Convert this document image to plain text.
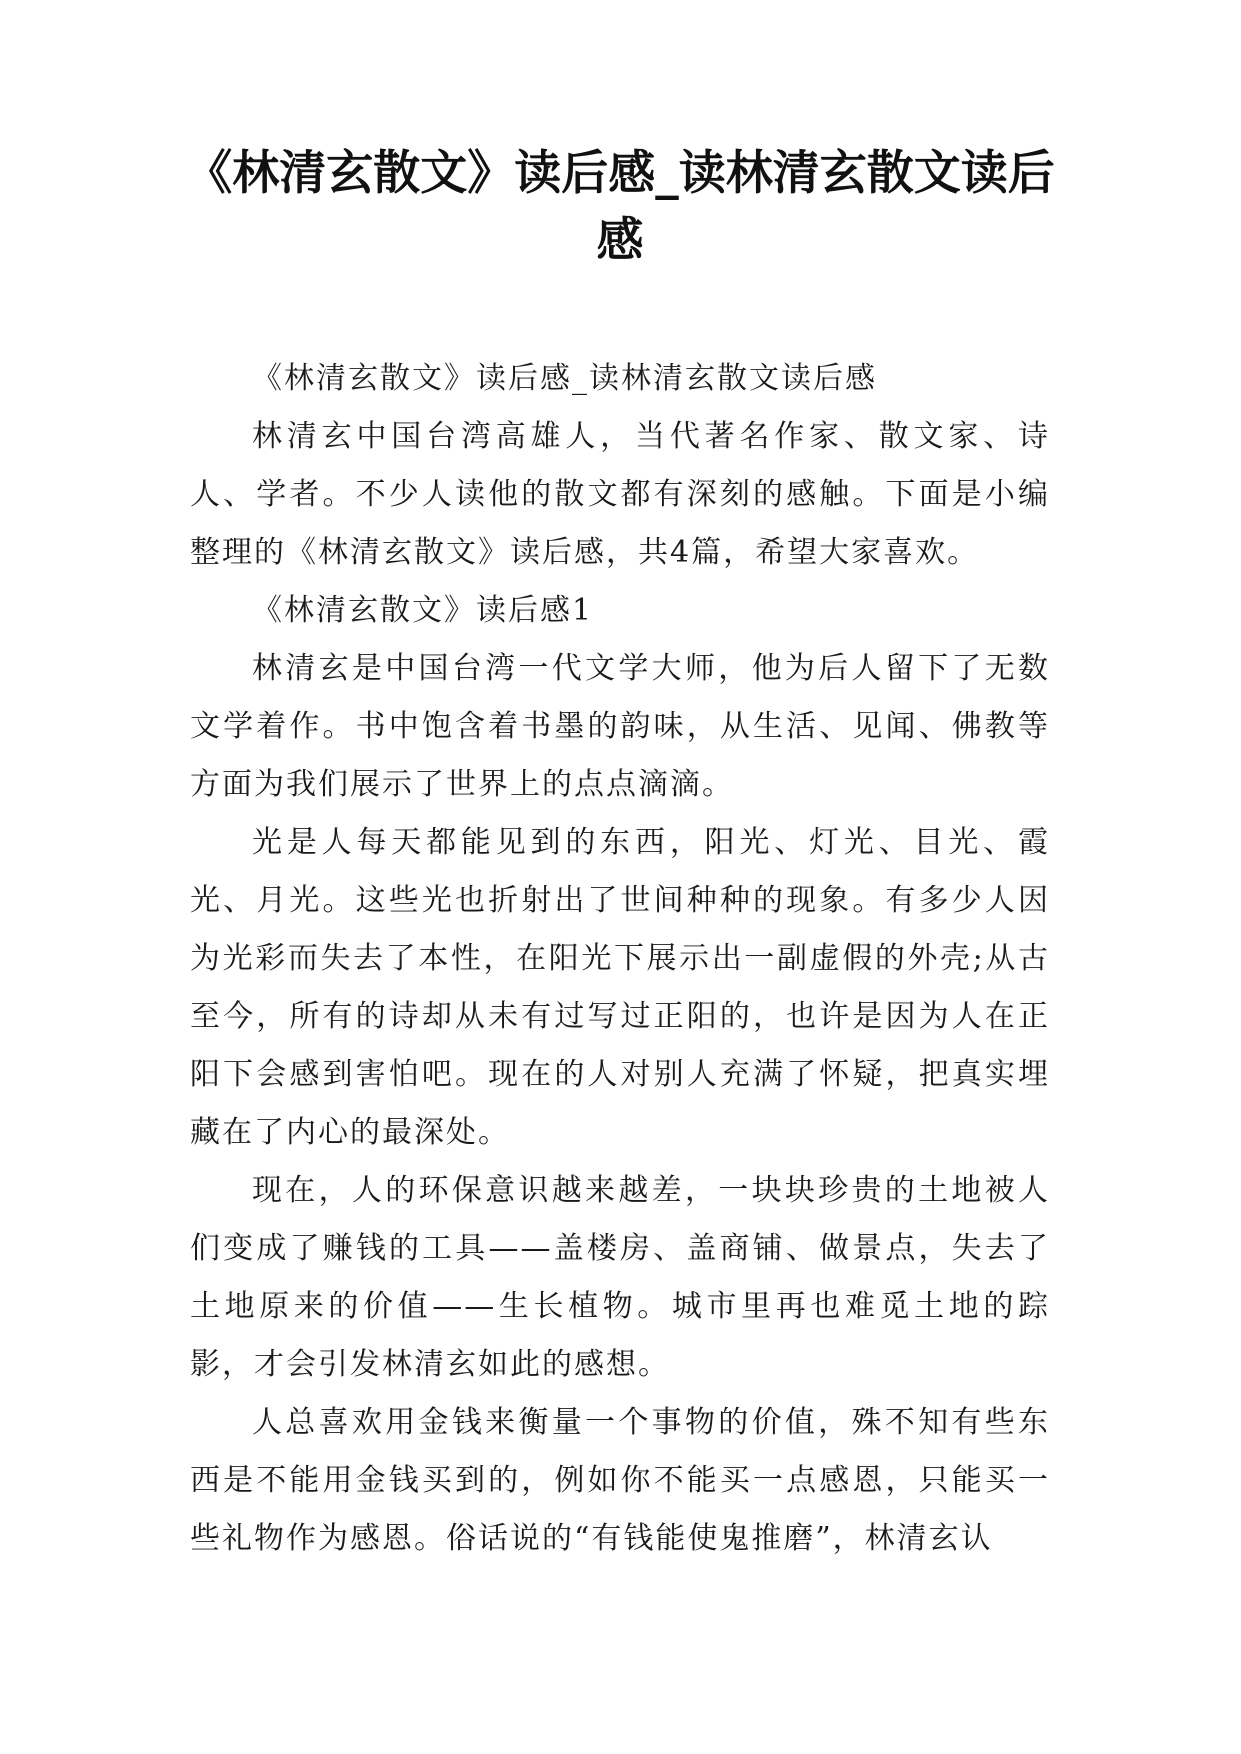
《林清玄散文》读后感_读林清玄散文读后感

《林清玄散文》读后感_读林清玄散文读后感

林清玄中国台湾高雄人，当代著名作家、散文家、诗人、学者。不少人读他的散文都有深刻的感触。下面是小编整理的《林清玄散文》读后感，共4篇，希望大家喜欢。

《林清玄散文》读后感1

林清玄是中国台湾一代文学大师，他为后人留下了无数文学着作。书中饱含着书墨的韵味，从生活、见闻、佛教等方面为我们展示了世界上的点点滴滴。

光是人每天都能见到的东西，阳光、灯光、目光、霞光、月光。这些光也折射出了世间种种的现象。有多少人因为光彩而失去了本性，在阳光下展示出一副虚假的外壳;从古至今，所有的诗却从未有过写过正阳的，也许是因为人在正阳下会感到害怕吧。现在的人对别人充满了怀疑，把真实埋藏在了内心的最深处。

现在，人的环保意识越来越差，一块块珍贵的土地被人们变成了赚钱的工具——盖楼房、盖商铺、做景点，失去了土地原来的价值——生长植物。城市里再也难觅土地的踪影，才会引发林清玄如此的感想。

人总喜欢用金钱来衡量一个事物的价值，殊不知有些东西是不能用金钱买到的，例如你不能买一点感恩，只能买一些礼物作为感恩。俗话说的“有钱能使鬼推磨”，林清玄认
